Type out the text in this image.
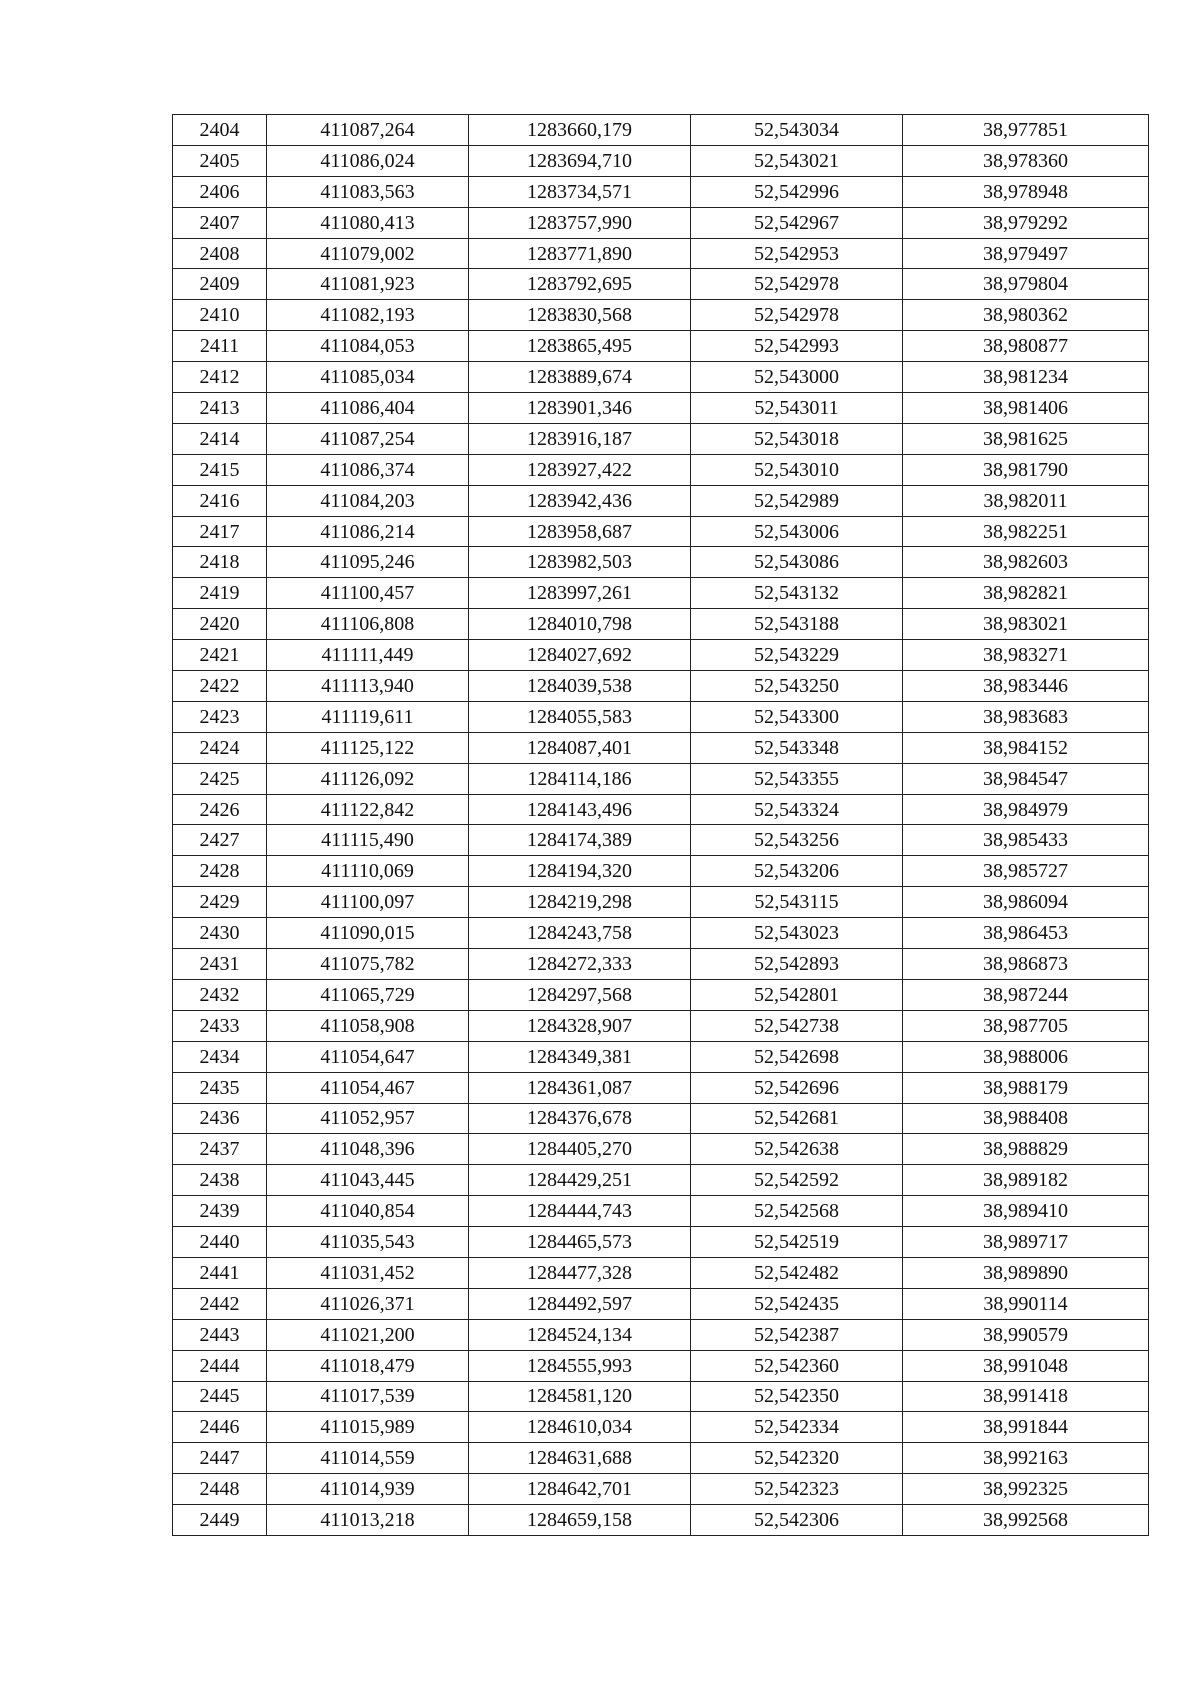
2404	411087,264	1283660,179	52,543034	38,977851
2405	411086,024	1283694,710	52,543021	38,978360
2406	411083,563	1283734,571	52,542996	38,978948
2407	411080,413	1283757,990	52,542967	38,979292
2408	411079,002	1283771,890	52,542953	38,979497
2409	411081,923	1283792,695	52,542978	38,979804
2410	411082,193	1283830,568	52,542978	38,980362
2411	411084,053	1283865,495	52,542993	38,980877
2412	411085,034	1283889,674	52,543000	38,981234
2413	411086,404	1283901,346	52,543011	38,981406
2414	411087,254	1283916,187	52,543018	38,981625
2415	411086,374	1283927,422	52,543010	38,981790
2416	411084,203	1283942,436	52,542989	38,982011
2417	411086,214	1283958,687	52,543006	38,982251
2418	411095,246	1283982,503	52,543086	38,982603
2419	411100,457	1283997,261	52,543132	38,982821
2420	411106,808	1284010,798	52,543188	38,983021
2421	411111,449	1284027,692	52,543229	38,983271
2422	411113,940	1284039,538	52,543250	38,983446
2423	411119,611	1284055,583	52,543300	38,983683
2424	411125,122	1284087,401	52,543348	38,984152
2425	411126,092	1284114,186	52,543355	38,984547
2426	411122,842	1284143,496	52,543324	38,984979
2427	411115,490	1284174,389	52,543256	38,985433
2428	411110,069	1284194,320	52,543206	38,985727
2429	411100,097	1284219,298	52,543115	38,986094
2430	411090,015	1284243,758	52,543023	38,986453
2431	411075,782	1284272,333	52,542893	38,986873
2432	411065,729	1284297,568	52,542801	38,987244
2433	411058,908	1284328,907	52,542738	38,987705
2434	411054,647	1284349,381	52,542698	38,988006
2435	411054,467	1284361,087	52,542696	38,988179
2436	411052,957	1284376,678	52,542681	38,988408
2437	411048,396	1284405,270	52,542638	38,988829
2438	411043,445	1284429,251	52,542592	38,989182
2439	411040,854	1284444,743	52,542568	38,989410
2440	411035,543	1284465,573	52,542519	38,989717
2441	411031,452	1284477,328	52,542482	38,989890
2442	411026,371	1284492,597	52,542435	38,990114
2443	411021,200	1284524,134	52,542387	38,990579
2444	411018,479	1284555,993	52,542360	38,991048
2445	411017,539	1284581,120	52,542350	38,991418
2446	411015,989	1284610,034	52,542334	38,991844
2447	411014,559	1284631,688	52,542320	38,992163
2448	411014,939	1284642,701	52,542323	38,992325
2449	411013,218	1284659,158	52,542306	38,992568
